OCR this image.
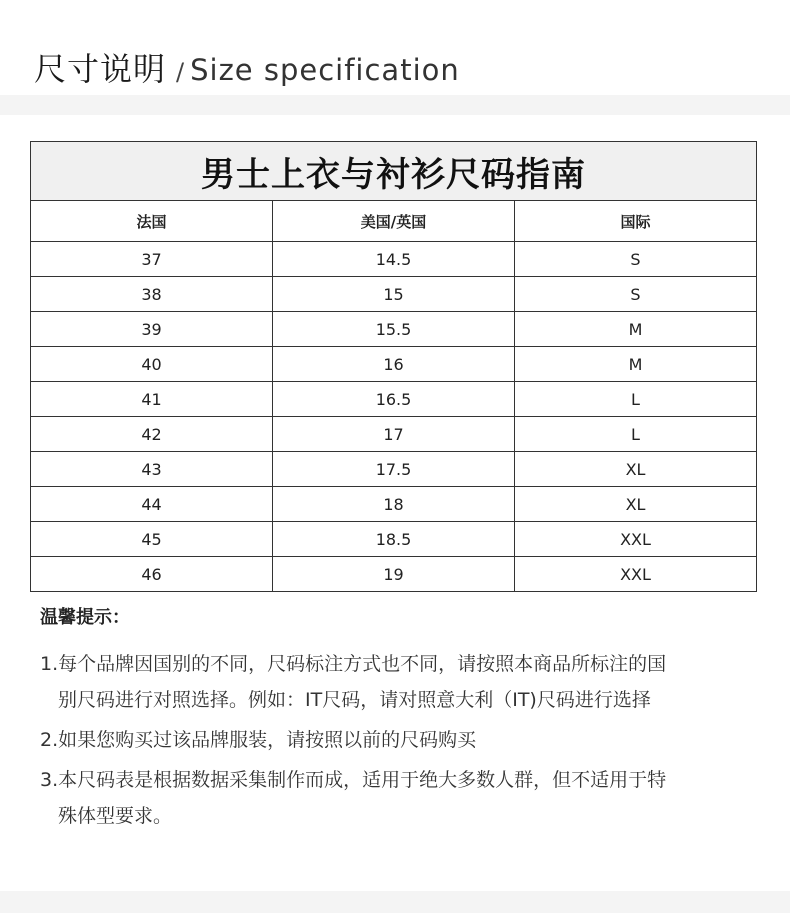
尺寸说明 / Size specification
男士上衣与衬衫尺码指南		
法国	美国/英国	国际
37	14.5	S
38	15	S
39	15.5	M
40	16	M
41	16.5	L
42	17	L
43	17.5	XL
44	18	XL
45	18.5	XXL
46	19	XXL
温馨提示：
1.每个品牌因国别的不同，尺码标注方式也不同，请按照本商品所标注的国
别尺码进行对照选择。例如：IT尺码，请对照意大利（IT)尺码进行选择
2.如果您购买过该品牌服装，请按照以前的尺码购买
3.本尺码表是根据数据采集制作而成，适用于绝大多数人群，但不适用于特
殊体型要求。
